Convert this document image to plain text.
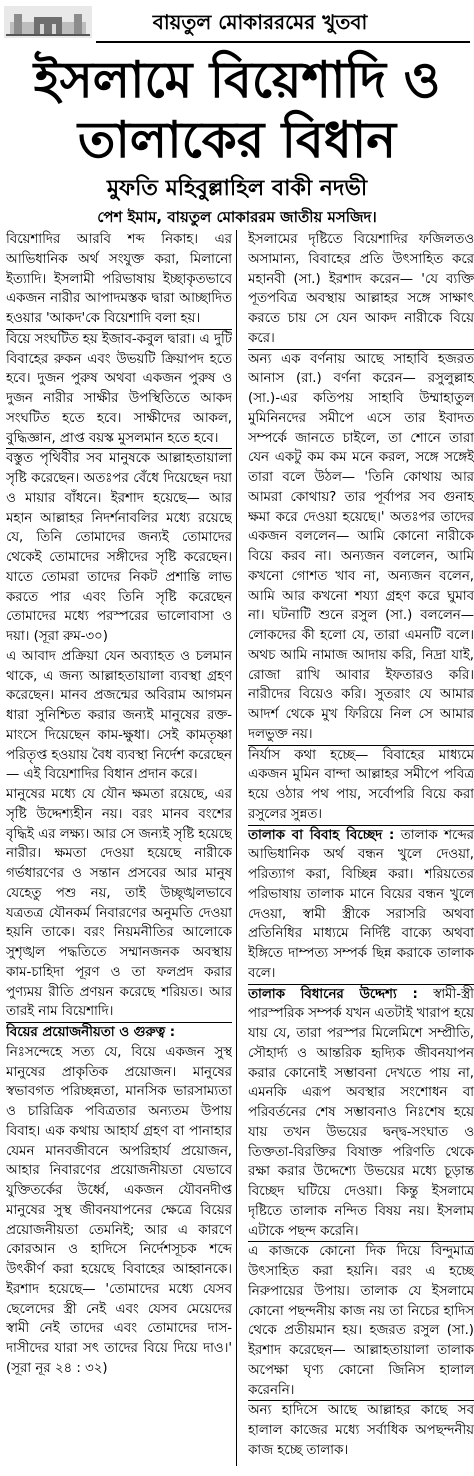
বায়তুল মোকাররমের খুতবা
ইসলামে বিয়েশাদি ও
তালাকের বিধান
মুফতি মহিবুল্লাহিল বাকী নদভী
পেশ ইমাম, বায়তুল মোকাররম জাতীয় মসজিদ।

বিয়েশাদির আরবি শব্দ নিকাহ। এর আভিধানিক অর্থ সংযুক্ত করা, মিলানো ইত্যাদি। ইসলামী পরিভাষায় ইচ্ছাকৃতভাবে একজন নারীর আপাদমস্তক দ্বারা আচ্ছাদিত হওয়ার 'আকদ'কে বিয়েশাদি বলা হয়।

বিয়ে সংঘটিত হয় ইজাব-কবুল দ্বারা। এ দুটি বিবাহের রুকন এবং উভয়টি ক্রিয়াপদ হতে হবে। দুজন পুরুষ অথবা একজন পুরুষ ও দুজন নারীর সাক্ষীর উপস্থিতিতে আকদ সংঘটিত হতে হবে। সাক্ষীদের আকল, বুদ্ধিজ্ঞান, প্রাপ্ত বয়স্ক মুসলমান হতে হবে।

বস্তুত পৃথিবীর সব মানুষকে আল্লাহতায়ালা সৃষ্টি করেছেন। অতঃপর বেঁধে দিয়েছেন দয়া ও মায়ার বাঁধনে। ইরশাদ হয়েছে— আর মহান আল্লাহর নিদর্শনাবলির মধ্যে রয়েছে যে, তিনি তোমাদের জন্যই তোমাদের থেকেই তোমাদের সঙ্গীদের সৃষ্টি করেছেন। যাতে তোমরা তাদের নিকট প্রশান্তি লাভ করতে পার এবং তিনি সৃষ্টি করেছেন তোমাদের মধ্যে পরস্পরের ভালোবাসা ও দয়া। (সূরা রুম-৩০)

এ আবাদ প্রক্রিয়া যেন অব্যাহত ও চলমান থাকে, এ জন্য আল্লাহতায়ালা ব্যবস্থা গ্রহণ করেছেন। মানব প্রজন্মের অবিরাম আগমন ধারা সুনিশ্চিত করার জন্যই মানুষের রক্ত-মাংসে দিয়েছেন কাম-ক্ষুধা। সেই কামতৃষ্ণা পরিতৃপ্ত হওয়ায় বৈধ ব্যবস্থা নির্দেশ করেছেন— এই বিয়েশাদির বিধান প্রদান করে।

মানুষের মধ্যে যে যৌন ক্ষমতা রয়েছে, এর সৃষ্টি উদ্দেশ্যহীন নয়। বরং মানব বংশের বৃদ্ধিই এর লক্ষ্য। আর সে জন্যই সৃষ্টি হয়েছে নারীর। ক্ষমতা দেওয়া হয়েছে নারীকে গর্ভধারণের ও সন্তান প্রসবের আর মানুষ যেহেতু পশু নয়, তাই উচ্ছৃঙ্খলভাবে যত্রতত্র যৌনকর্ম নিবারণের অনুমতি দেওয়া হয়নি তাকে। বরং নিয়মনীতির আলোকে সুশৃঙ্খল পদ্ধতিতে সম্মানজনক অবস্থায় কাম-চাহিদা পূরণ ও তা ফলপ্রদ করার পুণ্যময় রীতি প্রণয়ন করেছে শরিয়ত। আর তারই নাম বিয়েশাদি।

বিয়ের প্রয়োজনীয়তা ও গুরুত্ব :

নিঃসন্দেহে সত্য যে, বিয়ে একজন সুস্থ মানুষের প্রাকৃতিক প্রয়োজন। মানুষের স্বভাবগত পরিচ্ছন্নতা, মানসিক ভারসাম্যতা ও চারিত্রিক পবিত্রতার অন্যতম উপায় বিবাহ। এক কথায় আহার্য গ্রহণ বা পানাহার যেমন মানবজীবনে অপরিহার্য প্রয়োজন, আহার নিবারণের প্রয়োজনীয়তা যেভাবে যুক্তিতর্কের উর্ধ্বে, একজন যৌবনদীপ্ত মানুষের সুস্থ জীবনযাপনের ক্ষেত্রে বিয়ের প্রয়োজনীয়তা তেমনিই; আর এ কারণে কোরআন ও হাদিসে নির্দেশসূচক শব্দে উৎকীর্ণ করা হয়েছে বিবাহের আহ্বানকে। ইরশাদ হয়েছে— 'তোমাদের মধ্যে যেসব ছেলেদের স্ত্রী নেই এবং যেসব মেয়েদের স্বামী নেই তাদের এবং তোমাদের দাস-দাসীদের যারা সৎ তাদের বিয়ে দিয়ে দাও।' (সূরা নূর ২৪ : ৩২)

ইসলামের দৃষ্টিতে বিয়েশাদির ফজিলতও অসামান্য, বিবাহের প্রতি উৎসাহিত করে মহানবী (সা.) ইরশাদ করেন— 'যে ব্যক্তি পূতপবিত্র অবস্থায় আল্লাহর সঙ্গে সাক্ষাৎ করতে চায় সে যেন আকদ নারীকে বিয়ে করে।

অন্য এক বর্ণনায় আছে সাহাবি হজরত আনাস (রা.) বর্ণনা করেন— রসুলুল্লাহ (সা.)-এর কতিপয় সাহাবি উম্মাহাতুল মুমিনিনদের সমীপে এসে তার ইবাদত সম্পর্কে জানতে চাইলে, তা শোনে তারা যেন একটু কম কম মনে করল, সঙ্গে সঙ্গেই তারা বলে উঠল— 'তিনি কোথায় আর আমরা কোথায়? তার পূর্বাপর সব গুনাহ ক্ষমা করে দেওয়া হয়েছে।' অতঃপর তাদের একজন বললেন— আমি কোনো নারীকে বিয়ে করব না। অন্যজন বললেন, আমি কখনো গোশত খাব না, অন্যজন বলেন, আমি আর কখনো শয্যা গ্রহণ করে ঘুমাব না। ঘটনাটি শুনে রসুল (সা.) বললেন— লোকদের কী হলো যে, তারা এমনটি বলে। অথচ আমি নামাজ আদায় করি, নিদ্রা যাই, রোজা রাখি আবার ইফতারও করি। নারীদের বিয়েও করি। সুতরাং যে আমার আদর্শ থেকে মুখ ফিরিয়ে নিল সে আমার দলভুক্ত নয়।

নির্যাস কথা হচ্ছে— বিবাহের মাধ্যমে একজন মুমিন বান্দা আল্লাহর সমীপে পবিত্র হয়ে ওঠার পথ পায়, সর্বোপরি বিয়ে করা রসুলের সুন্নত।

তালাক বা বিবাহ বিচ্ছেদ : তালাক শব্দের আভিধানিক অর্থ বন্ধন খুলে দেওয়া, পরিত্যাগ করা, বিচ্ছিন্ন করা। শরিয়তের পরিভাষায় তালাক মানে বিয়ের বন্ধন খুলে দেওয়া, স্বামী স্ত্রীকে সরাসরি অথবা প্রতিনিধির মাধ্যমে নির্দিষ্ট বাক্যে অথবা ইঙ্গিতে দাম্পত্য সম্পর্ক ছিন্ন করাকে তালাক বলে।

তালাক বিধানের উদ্দেশ্য : স্বামী-স্ত্রী পারস্পরিক সম্পর্ক যখন এতটাই খারাপ হয়ে যায় যে, তারা পরস্পর মিলেমিশে সম্প্রীতি, সৌহার্দ্য ও আন্তরিক হৃদ্যিক জীবনযাপন করার কোনোই সম্ভাবনা দেখতে পায় না, এমনকি এরূপ অবস্থার সংশোধন বা পরিবর্তনের শেষ সম্ভাবনাও নিঃশেষ হয়ে যায় তখন উভয়ের দ্বন্দ্ব-সংঘাত ও তিক্ততা-বিরক্তির বিষাক্ত পরিণতি থেকে রক্ষা করার উদ্দেশ্যে উভয়ের মধ্যে চূড়ান্ত বিচ্ছেদ ঘটিয়ে দেওয়া। কিন্তু ইসলামে দৃষ্টিতে তালাক নন্দিত বিষয় নয়। ইসলাম এটাকে পছন্দ করেনি।

এ কাজকে কোনো দিক দিয়ে বিন্দুমাত্র উৎসাহিত করা হয়নি। বরং এ হচ্ছে নিরুপায়ের উপায়। তালাক যে ইসলামে কোনো পছন্দনীয় কাজ নয় তা নিচের হাদিস থেকে প্রতীয়মান হয়। হজরত রসুল (সা.) ইরশাদ করেছেন— আল্লাহতায়ালা তালাক অপেক্ষা ঘৃণ্য কোনো জিনিস হালাল করেননি।

অন্য হাদিসে আছে আল্লাহর কাছে সব হালাল কাজের মধ্যে সর্বাধিক অপছন্দনীয় কাজ হচ্ছে তালাক।
